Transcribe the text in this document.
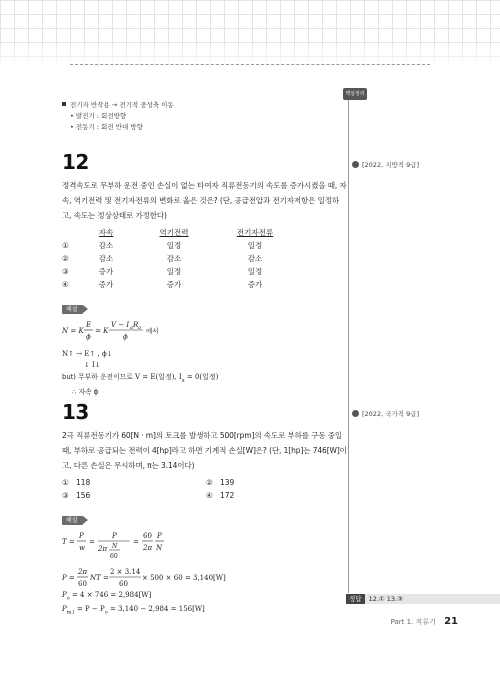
핵심정리
[2022, 지방직 9급]
[2022, 국가직 9급]
전기자 반작용 → 전기적 중성축 이동
• 발전기 : 회전방향
• 전동기 : 회전 반대 방향
12
정격속도로 무부하 운전 중인 손실이 없는 타여자 직류전동기의 속도를 증가시켰을 때, 자속, 역기전력 및 전기자전류의 변화로 옳은 것은? (단, 공급전압과 전기자저항은 일정하고, 속도는 정상상태로 가정한다)
	자속	역기전력	전기자전류
①	감소	일정	일정
②	감소	감소	감소
③	증가	일정	일정
④	증가	증가	증가
해설
N = K
E
ϕ
= K
V − I a R a
ϕ
에서
N↑ → E↑ , ϕ↓
↓ I↓
but) 무부하 운전이므로 V = E(일정), $I_a = 0$(일정)
∴ 자속 ϕ
13
2극 직류전동기가 60[N · m]의 토크를 발생하고 500[rpm]의 속도로 부하를 구동 중일 때, 부하로 공급되는 전력이 4[hp]라고 하면 기계적 손실[W]은? (단, 1[hp]는 746[W]이고, 다른 손실은 무시하며, π는 3.14이다)
①	118	②	139
③	156	④	172
해설
T =
P
w
=
P
2π N
60
=
60
2π
P
N
P =
2π
60
NT =
2 × 3.14
60
× 500 × 60 = 3,140[W]
$P_o = 4 \times 746 = 2,984[W]$
$P_{m.l} = P - P_o = 3,140 - 2,984 = 156[W]$
정답 12.① 13.③
Part 1. 직류기 21
